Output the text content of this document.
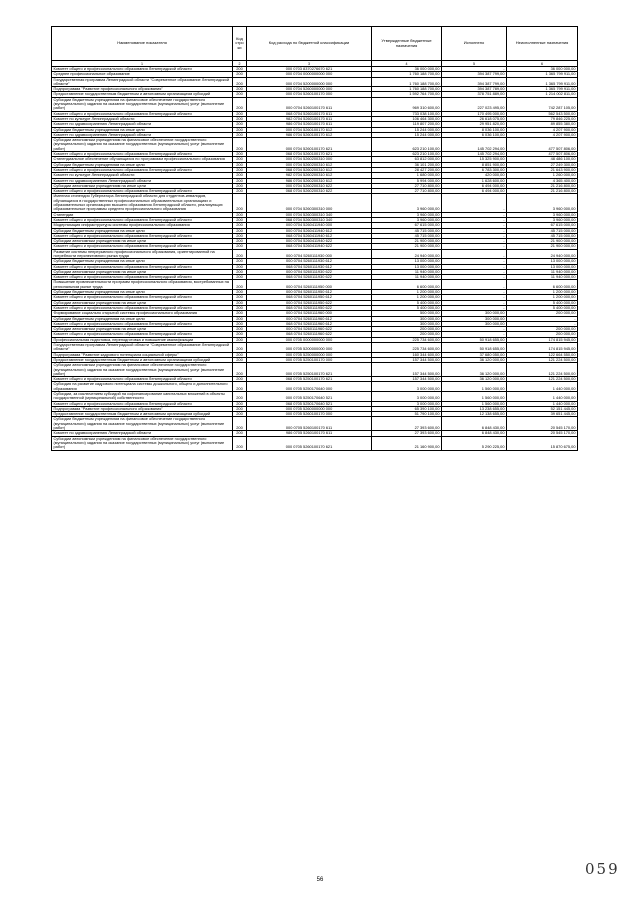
Наименование показателя	Код стро ки	Код расхода по бюджетной классификации	Утвержденные бюджетные назначения	Исполнено	Неисполненные назначения
1	2	3	4	5	6
Комитет общего и профессионального образования Ленинградской области	200	000 0703 8370276670 621	36 000 000,00	-	36 000 000,00
Среднее профессиональное образование	200	000 0704 0000000000 000	1 760 188 700,00	394 387 799,00	1 365 799 911,00
Государственная программа Ленинградской области "Современное образование Ленинградской области"	200	000 0704 5200000000 000	1 760 188 700,00	394 387 799,00	1 365 799 911,00
Подпрограмма "Развитие профессионального образования"	200	000 0704 5260000000 000	1 760 188 700,00	394 387 789,00	1 365 799 911,00
Предоставление государственным бюджетным и автономным организациям субсидий	200	000 0704 5260100170 000	1 592 764 700,00	378 751 889,00	1 214 002 811,00
Субсидии бюджетным учреждениям на финансовое обеспечение государственного (муниципального) задания на оказание государственных (муниципальных) услуг (выполнение работ)	200	000 0704 5260100170 611	969 310 600,00	227 023 495,00	742 287 105,00
Комитет общего и профессионального образования Ленинградской области	200	068 0704 5260100170 611	733 038 100,00	170 495 000,00	562 543 500,00
Комитет по культуре Ленинградской области	200	982 0704 5260100170 611	106 464 300,00	26 618 075,00	79 846 225,00
Комитет по здравоохранению Ленинградской области	200	986 0704 5260100170 611	119 807 200,00	29 951 820,00	89 855 380,00
Субсидии бюджетным учреждениям на иные цели	200	000 0704 5260100170 612	15 244 000,00	8 036 100,00	4 207 900,00
Комитет по здравоохранению Ленинградской области	200	986 0704 5260100170 612	15 244 000,00	6 036 100,00	4 207 900,00
Субсидии автономным учреждениям на финансовое обеспечение государственного (муниципального) задания на оказание государственных (муниципальных) услуг (выполнение работ)	200	000 0704 5260100170 621	623 210 100,00	145 702 294,00	477 507 806,00
Комитет общего и профессионального образования Ленинградской области	200	068 0704 5260100170 621	623 210 100,00	145 702 294,00	477 507 806,00
Стипендиальное обеспечение обучающихся по программам профессионального образования	200	000 0704 5260200310 000	63 812 000,00	15 325 900,00	48 486 100,00
Субсидии бюджетным учреждениям на иные цели	200	000 0704 5260200310 612	36 101 200,00	8 851 900,00	27 249 300,00
Комитет общего и профессионального образования Ленинградской области	200	068 0704 5260200310 612	28 427 200,00	6 783 300,00	21 643 900,00
Комитет по культуре Ленинградской области	200	982 0704 5260200310 612	1 680 000,00	420 000,00	1 260 000,00
Комитет по здравоохранению Ленинградской области	200	986 0704 5260200310 612	5 994 000,00	1 628 600,00	4 365 400,00
Субсидии автономным учреждениям на иные цели	200	000 0704 5260200310 622	27 710 800,00	6 494 000,00	21 216 800,00
Комитет общего и профессионального образования Ленинградской области	200	068 0704 5260200310 622	27 710 800,00	6 494 000,00	21 216 800,00
Именная стипендия Губернатора Ленинградской области для студентов-инвалидов, обучающихся в государственных профессиональных образовательных организациях и образовательных организациях высшего образования Ленинградской области, реализующих образовательные программы среднего профессионального образования	200	000 0704 5260300310 000	3 960 000,00	-	3 960 000,00
Стипендии	200	000 0704 5260300310 340	3 960 000,00	-	3 960 000,00
Комитет общего и профессионального образования Ленинградской области	200	068 0704 5260300310 340	3 960 000,00	-	3 960 000,00
Модернизация инфраструктуры системы профессионального образования	200	000 0704 5260411940 000	67 615 000,00	-	67 615 000,00
Субсидии бюджетным учреждениям на иные цели	200	000 0704 5260411940 612	45 715 000,00	-	45 715 000,00
Комитет общего и профессионального образования Ленинградской области	200	068 0704 5260411940 612	45 715 000,00	-	45 715 000,00
Субсидии автономным учреждениям на иные цели	200	000 0704 5260411940 622	21 900 000,00	-	21 900 000,00
Комитет общего и профессионального образования Ленинградской области	200	068 0704 5260411940 622	21 900 000,00	-	21 900 000,00
Развитие системы непрерывного профессионального образования, ориентированной на потребности перспективного рынка труда	200	000 0704 5260111930 000	24 940 000,00	-	24 940 000,00
Субсидии бюджетным учреждениям на иные цели	200	000 0704 5260111930 612	13 000 000,00	-	13 000 000,00
Комитет общего и профессионального образования Ленинградской области	200	068 0704 5260111930 612	13 000 000,00	-	13 000 000,00
Субсидии автономным учреждениям на иные цели	200	000 0704 5260111930 622	11 940 000,00	-	11 940 000,00
Комитет общего и профессионального образования Ленинградской области	200	068 0704 5260111930 622	11 940 000,00	-	11 940 000,00
Повышение привлекательности программ профессионального образования, востребованных на региональном рынке труда	200	000 0704 5260111950 000	6 600 000,00	-	6 600 000,00
Субсидии бюджетным учреждениям на иные цели	200	000 0704 5260111950 612	1 200 000,00	-	1 200 000,00
Комитет общего и профессионального образования Ленинградской области	200	068 0704 5260111950 612	1 200 000,00	-	1 200 000,00
Субсидии автономным учреждениям на иные цели	200	000 0704 5260111950 622	5 400 000,00	-	5 400 000,00
Комитет общего и профессионального образования Ленинградской области	200	068 0704 5260111950 622	5 400 000,00	-	5 400 000,00
Формирование социально открытой системы профессионального образования	200	000 0704 5260111960 000	500 000,00	300 000,00	200 000,00
Субсидии бюджетным учреждениям на иные цели	200	000 0704 5260111960 612	300 000,00	300 000,00	-
Комитет общего и профессионального образования Ленинградской области	200	068 0704 5260111960 612	300 000,00	300 000,00	-
Субсидии автономным учреждениям на иные цели	200	000 0704 5260111960 622	200 000,00	-	200 000,00
Комитет общего и профессионального образования Ленинградской области	200	068 0704 5260111960 622	200 000,00	-	200 000,00
Профессиональная подготовка, переподготовка и повышение квалификации	200	000 0705 0000000000 000	225 734 600,00	50 918 655,00	174 815 945,00
Государственная программа Ленинградской области "Современное образование Ленинградской области"	200	000 0705 5200000000 000	225 734 600,00	50 918 655,00	174 815 945,00
Подпрограмма "Развитие кадрового потенциала социальной сферы"	200	000 0705 5250000000 000	160 344 600,00	37 680 050,00	122 664 550,00
Предоставление государственным бюджетным и автономным организациям субсидий	200	000 0705 5250100170 000	157 344 500,00	36 120 000,00	121 224 500,00
Субсидии автономным учреждениям на финансовое обеспечение государственного (муниципального) задания на оказание государственных (муниципальных) услуг (выполнение работ)	200	000 0705 5250100170 621	157 344 500,00	36 120 000,00	121 224 500,00
Комитет общего и профессионального образования Ленинградской области	200	068 0705 5250100170 621	157 344 500,00	36 120 000,00	121 224 500,00
Субсидия на развитие кадрового потенциала системы дошкольного, общего и дополнительного образования	200	000 0705 5250170640 000	3 000 000,00	1 560 000,00	1 440 000,00
Субсидии, за исключением субсидий на софинансирование капитальных вложений в объекты государственной (муниципальной) собственности	200	000 0705 5250170640 521	3 000 000,00	1 560 000,00	1 440 000,00
Комитет общего и профессионального образования Ленинградской области	200	068 0705 5250170640 521	3 000 000,00	1 560 000,00	1 440 000,00
Подпрограмма "Развитие профессионального образования"	200	000 0705 5260000000 000	65 390 100,00	13 238 655,00	52 151 445,00
Предоставление государственным бюджетным и автономным организациям субсидий	200	000 0705 5260100170 000	51 790 100,00	12 138 655,00	39 651 445,00
Субсидии бюджетным учреждениям на финансовое обеспечение государственного (муниципального) задания на оказание государственных (муниципальных) услуг (выполнение работ)	200	000 0705 5260100170 611	27 393 600,00	6 848 430,00	20 545 170,00
Комитет по здравоохранению Ленинградской области	200	986 0705 5260100170 611	27 393 600,00	6 848 430,00	20 545 170,00
Субсидии автономным учреждениям на финансовое обеспечение государственного (муниципального) задания на оказание государственных (муниципальных) услуг (выполнение работ)	200	000 0705 5260100170 621	21 160 900,00	5 290 225,00	15 870 675,00
56
059
